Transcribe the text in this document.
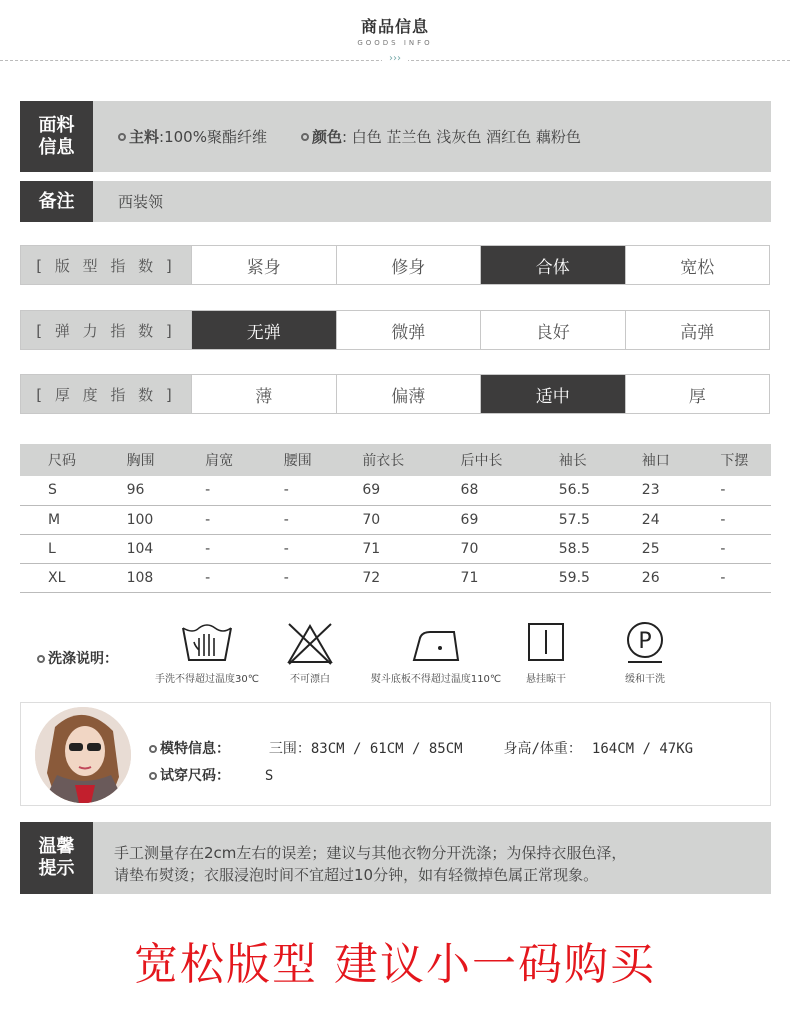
商品信息
GOODS INFO
›››
面料
信息	主料 :100%聚酯纤维	颜色 : 白色 芷兰色 浅灰色 酒红色 藕粉色
备注	西装领
[ 版 型 指 数 ]	紧身	修身	合体	宽松
[ 弹 力 指 数 ]	无弹	微弹	良好	高弹
[ 厚 度 指 数 ]	薄	偏薄	适中	厚
尺码	胸围	肩宽	腰围	前衣长	后中长	袖长	袖口	下摆
S	96	-	-	69	68	56.5	23	-
M	100	-	-	70	69	57.5	24	-
L	104	-	-	71	70	58.5	25	-
XL	108	-	-	72	71	59.5	26	-
洗涤说明：
手洗不得超过温度30℃	不可漂白	熨斗底板不得超过温度110℃	悬挂晾干
P
缓和干洗
模特信息：	三围：83CM / 61CM / 85CM	身高/体重： 164CM / 47KG
试穿尺码： S
温馨
提示
手工测量存在2cm左右的误差；建议与其他衣物分开洗涤；为保持衣服色泽，
请垫布熨烫；衣服浸泡时间不宜超过10分钟，如有轻微掉色属正常现象。
宽松版型 建议小一码购买
